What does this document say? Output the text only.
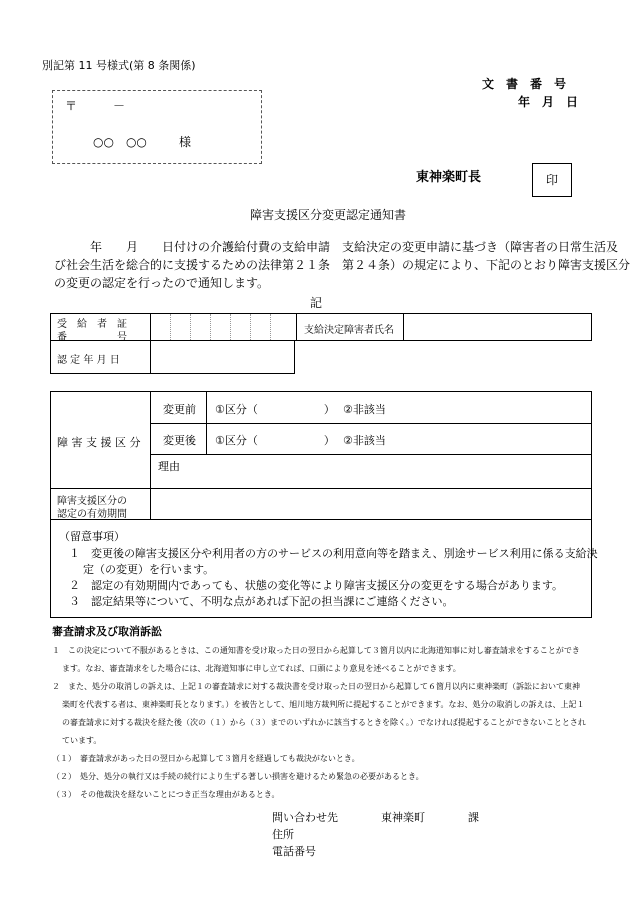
別記第 11 号様式(第 8 条関係)
文　書　番　号
年　月　日
〒　　　－
○○　○○	様
東神楽町長	印
障害支援区分変更認定通知書
　　　年　　月　　日付けの介護給付費の支給申請　支給決定の変更申請に基づき（障害者の日常生活及
び社会生活を総合的に支援するための法律第２１条　第２４条）の規定により、下記のとおり障害支援区分
の変更の認定を行ったので通知します。
記
受　給　者　証
番　　　　　号
支給決定障害者氏名
認 定 年 月 日
障 害 支 援 区 分
変更前 ①区分（　　　　　　） ②非該当
変更後 ①区分（　　　　　　） ②非該当
理由
障害支援区分の
認定の有効期間
（留意事項）
１　変更後の障害支援区分や利用者の方のサービスの利用意向等を踏まえ、別途サービス利用に係る支給決
定（の変更）を行います。
２　認定の有効期間内であっても、状態の変化等により障害支援区分の変更をする場合があります。
３　認定結果等について、不明な点があれば下記の担当課にご連絡ください。
審査請求及び取消訴訟
１　この決定について不服があるときは、この通知書を受け取った日の翌日から起算して３箇月以内に北海道知事に対し審査請求をすることができ
ます。なお、審査請求をした場合には、北海道知事に申し立てれば、口頭により意見を述べることができます。
２　また、処分の取消しの訴えは、上記１の審査請求に対する裁決書を受け取った日の翌日から起算して６箇月以内に東神楽町（訴訟において東神
楽町を代表する者は、東神楽町長となります。）を被告として、旭川地方裁判所に提起することができます。なお、処分の取消しの訴えは、上記１
の審査請求に対する裁決を経た後（次の（１）から（３）までのいずれかに該当するときを除く。）でなければ提起することができないこととされ
ています。
（１）　審査請求があった日の翌日から起算して３箇月を経過しても裁決がないとき。
（２）　処分、処分の執行又は手続の続行により生ずる著しい損害を避けるため緊急の必要があるとき。
（３）　その他裁決を経ないことにつき正当な理由があるとき。
問い合わせ先	東神楽町	課
住所
電話番号
